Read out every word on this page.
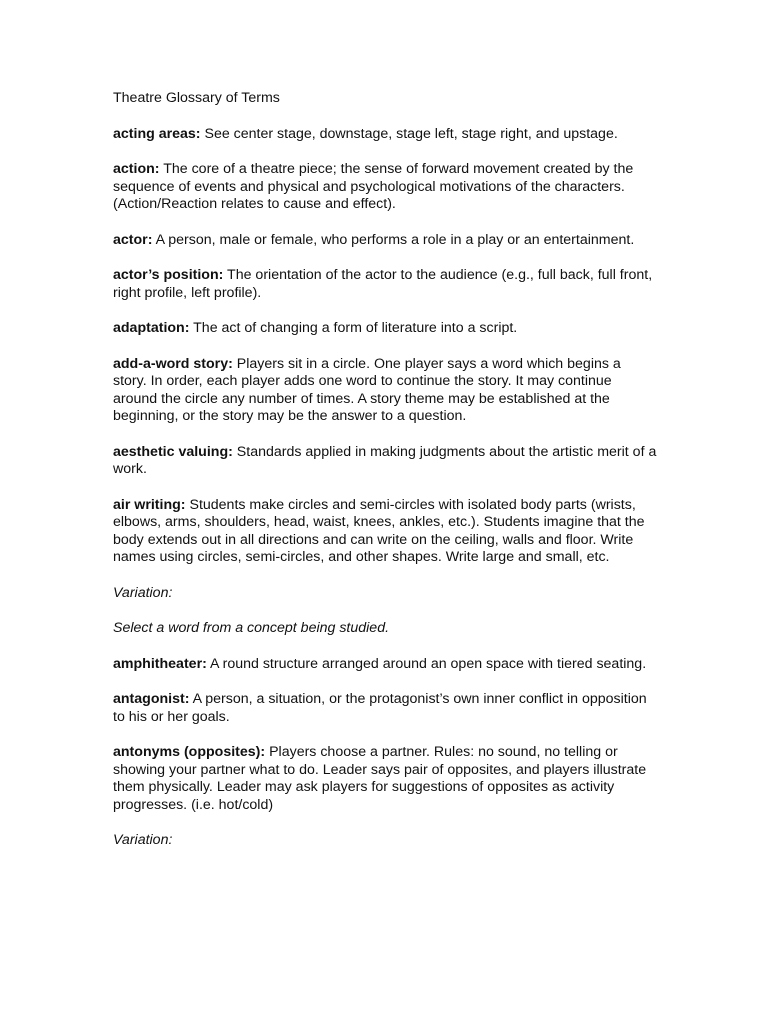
Theatre Glossary of Terms

acting areas: See center stage, downstage, stage left, stage right, and upstage.

action: The core of a theatre piece; the sense of forward movement created by the sequence of events and physical and psychological motivations of the characters.(Action/Reaction relates to cause and effect).

actor: A person, male or female, who performs a role in a play or an entertainment.

actor’s position: The orientation of the actor to the audience (e.g., full back, full front, right profile, left profile).

adaptation: The act of changing a form of literature into a script.

add-a-word story: Players sit in a circle. One player says a word which begins a story. In order, each player adds one word to continue the story. It may continue around the circle any number of times. A story theme may be established at the beginning, or the story may be the answer to a question.

aesthetic valuing: Standards applied in making judgments about the artistic merit of a work.

air writing: Students make circles and semi-circles with isolated body parts (wrists, elbows, arms, shoulders, head, waist, knees, ankles, etc.). Students imagine that the body extends out in all directions and can write on the ceiling, walls and floor. Write names using circles, semi-circles, and other shapes. Write large and small, etc.

Variation:

Select a word from a concept being studied.

amphitheater: A round structure arranged around an open space with tiered seating.

antagonist: A person, a situation, or the protagonist’s own inner conflict in opposition to his or her goals.

antonyms (opposites): Players choose a partner. Rules: no sound, no telling or showing your partner what to do. Leader says pair of opposites, and players illustrate them physically. Leader may ask players for suggestions of opposites as activity progresses. (i.e. hot/cold)

Variation:
